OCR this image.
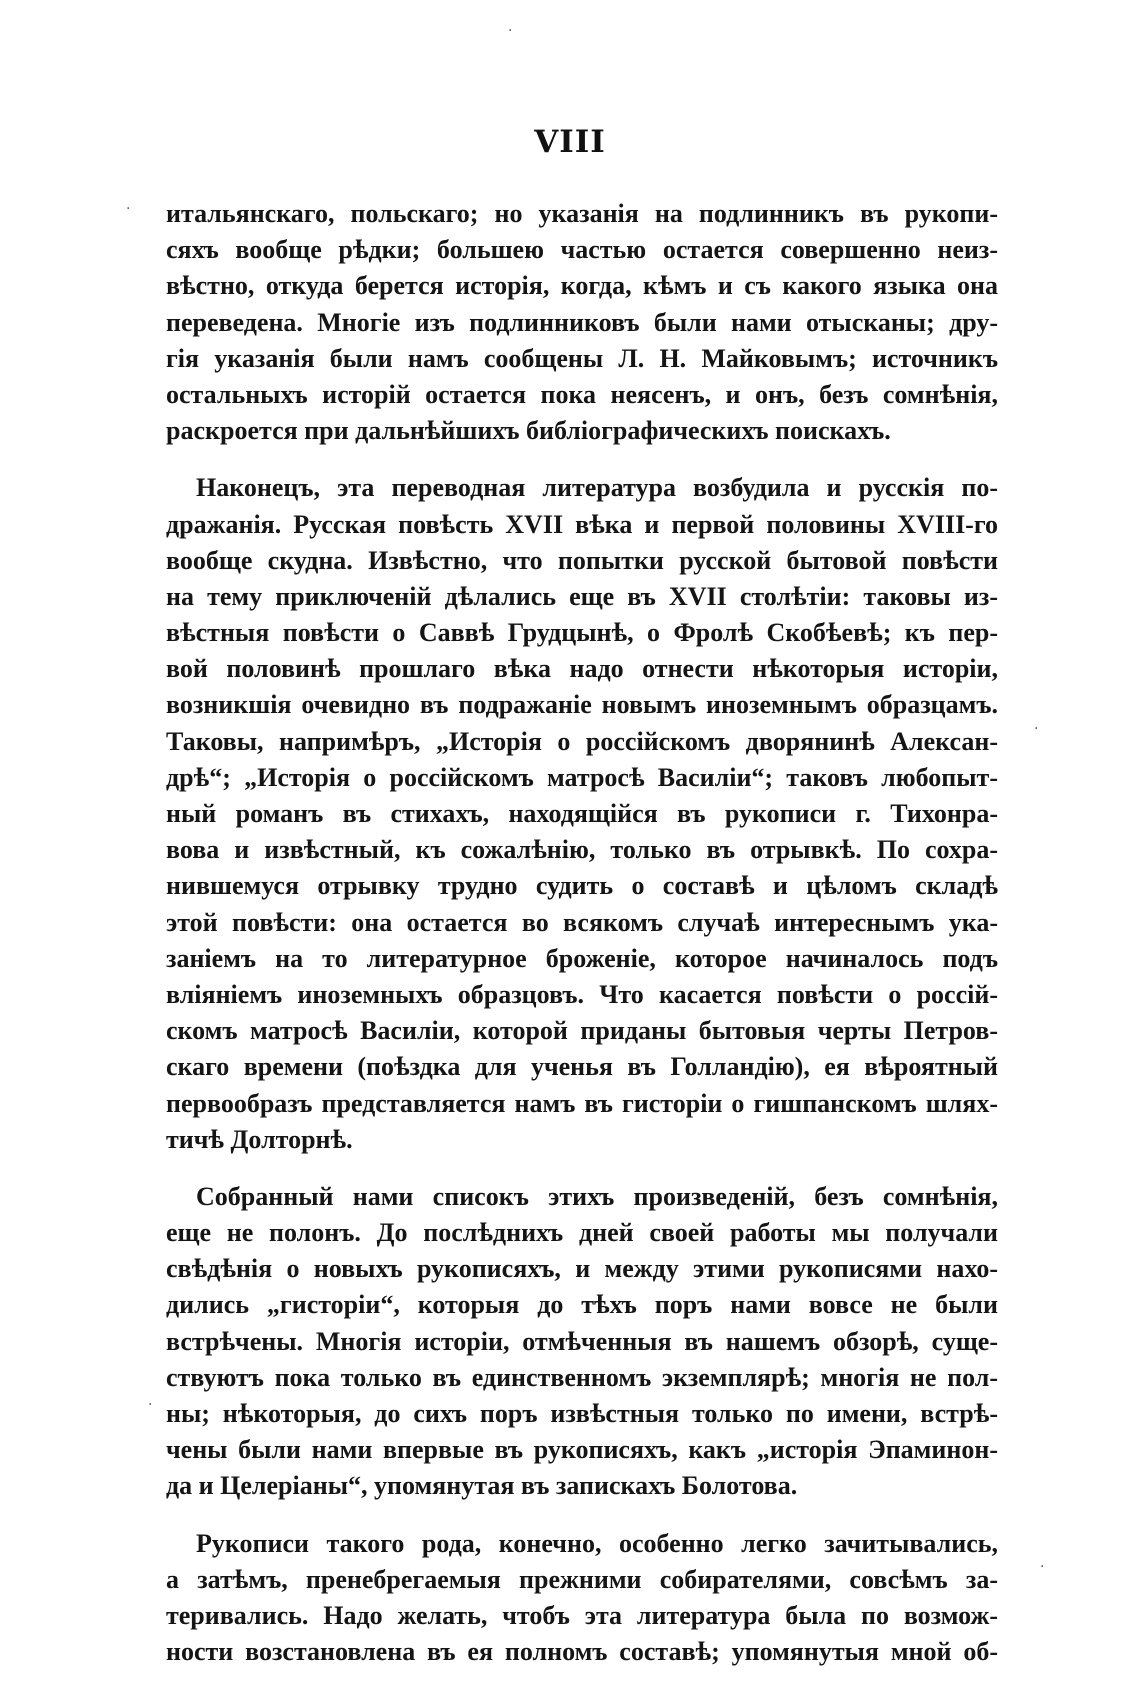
VIII

итальянскаго, польскаго; но указанія на подлинникъ въ рукопи-
сяхъ вообще рѣдки; большею частью остается совершенно неиз-
вѣстно, откуда берется исторія, когда, кѣмъ и съ какого языка она
переведена. Многіе изъ подлинниковъ были нами отысканы; дру-
гія указанія были намъ сообщены Л. Н. Майковымъ; источникъ
остальныхъ исторій остается пока неясенъ, и онъ, безъ сомнѣнія,
раскроется при дальнѣйшихъ библіографическихъ поискахъ.

Наконецъ, эта переводная литература возбудила и русскія по-
дражанія. Русская повѣсть XVII вѣка и первой половины XVIII-го
вообще скудна. Извѣстно, что попытки русской бытовой повѣсти
на тему приключеній дѣлались еще въ XVII столѣтіи: таковы из-
вѣстныя повѣсти о Саввѣ Грудцынѣ, о Фролѣ Скобѣевѣ; къ пер-
вой половинѣ прошлаго вѣка надо отнести нѣкоторыя исторіи,
возникшія очевидно въ подражаніе новымъ иноземнымъ образцамъ.
Таковы, напримѣръ, „Исторія о россійскомъ дворянинѣ Алексан-
дрѣ“; „Исторія о россійскомъ матросѣ Василіи“; таковъ любопыт-
ный романъ въ стихахъ, находящійся въ рукописи г. Тихонра-
вова и извѣстный, къ сожалѣнію, только въ отрывкѣ. По сохра-
нившемуся отрывку трудно судить о составѣ и цѣломъ складѣ
этой повѣсти: она остается во всякомъ случаѣ интереснымъ ука-
заніемъ на то литературное броженіе, которое начиналось подъ
вліяніемъ иноземныхъ образцовъ. Что касается повѣсти о россій-
скомъ матросѣ Василіи, которой приданы бытовыя черты Петров-
скаго времени (поѣздка для ученья въ Голландію), ея вѣроятный
первообразъ представляется намъ въ гисторіи о гишпанскомъ шлях-
тичѣ Долторнѣ.

Собранный нами списокъ этихъ произведеній, безъ сомнѣнія,
еще не полонъ. До послѣднихъ дней своей работы мы получали
свѣдѣнія о новыхъ рукописяхъ, и между этими рукописями нахо-
дились „гисторіи“, которыя до тѣхъ поръ нами вовсе не были
встрѣчены. Многія исторіи, отмѣченныя въ нашемъ обзорѣ, суще-
ствуютъ пока только въ единственномъ экземплярѣ; многія не пол-
ны; нѣкоторыя, до сихъ поръ извѣстныя только по имени, встрѣ-
чены были нами впервые въ рукописяхъ, какъ „исторія Эпаминон-
да и Целеріаны“, упомянутая въ запискахъ Болотова.

Рукописи такого рода, конечно, особенно легко зачитывались,
а затѣмъ, пренебрегаемыя прежними собирателями, совсѣмъ за-
теривались. Надо желать, чтобъ эта литература была по возмож-
ности возстановлена въ ея полномъ составѣ; упомянутыя мной об-

·
·
·
·
·
